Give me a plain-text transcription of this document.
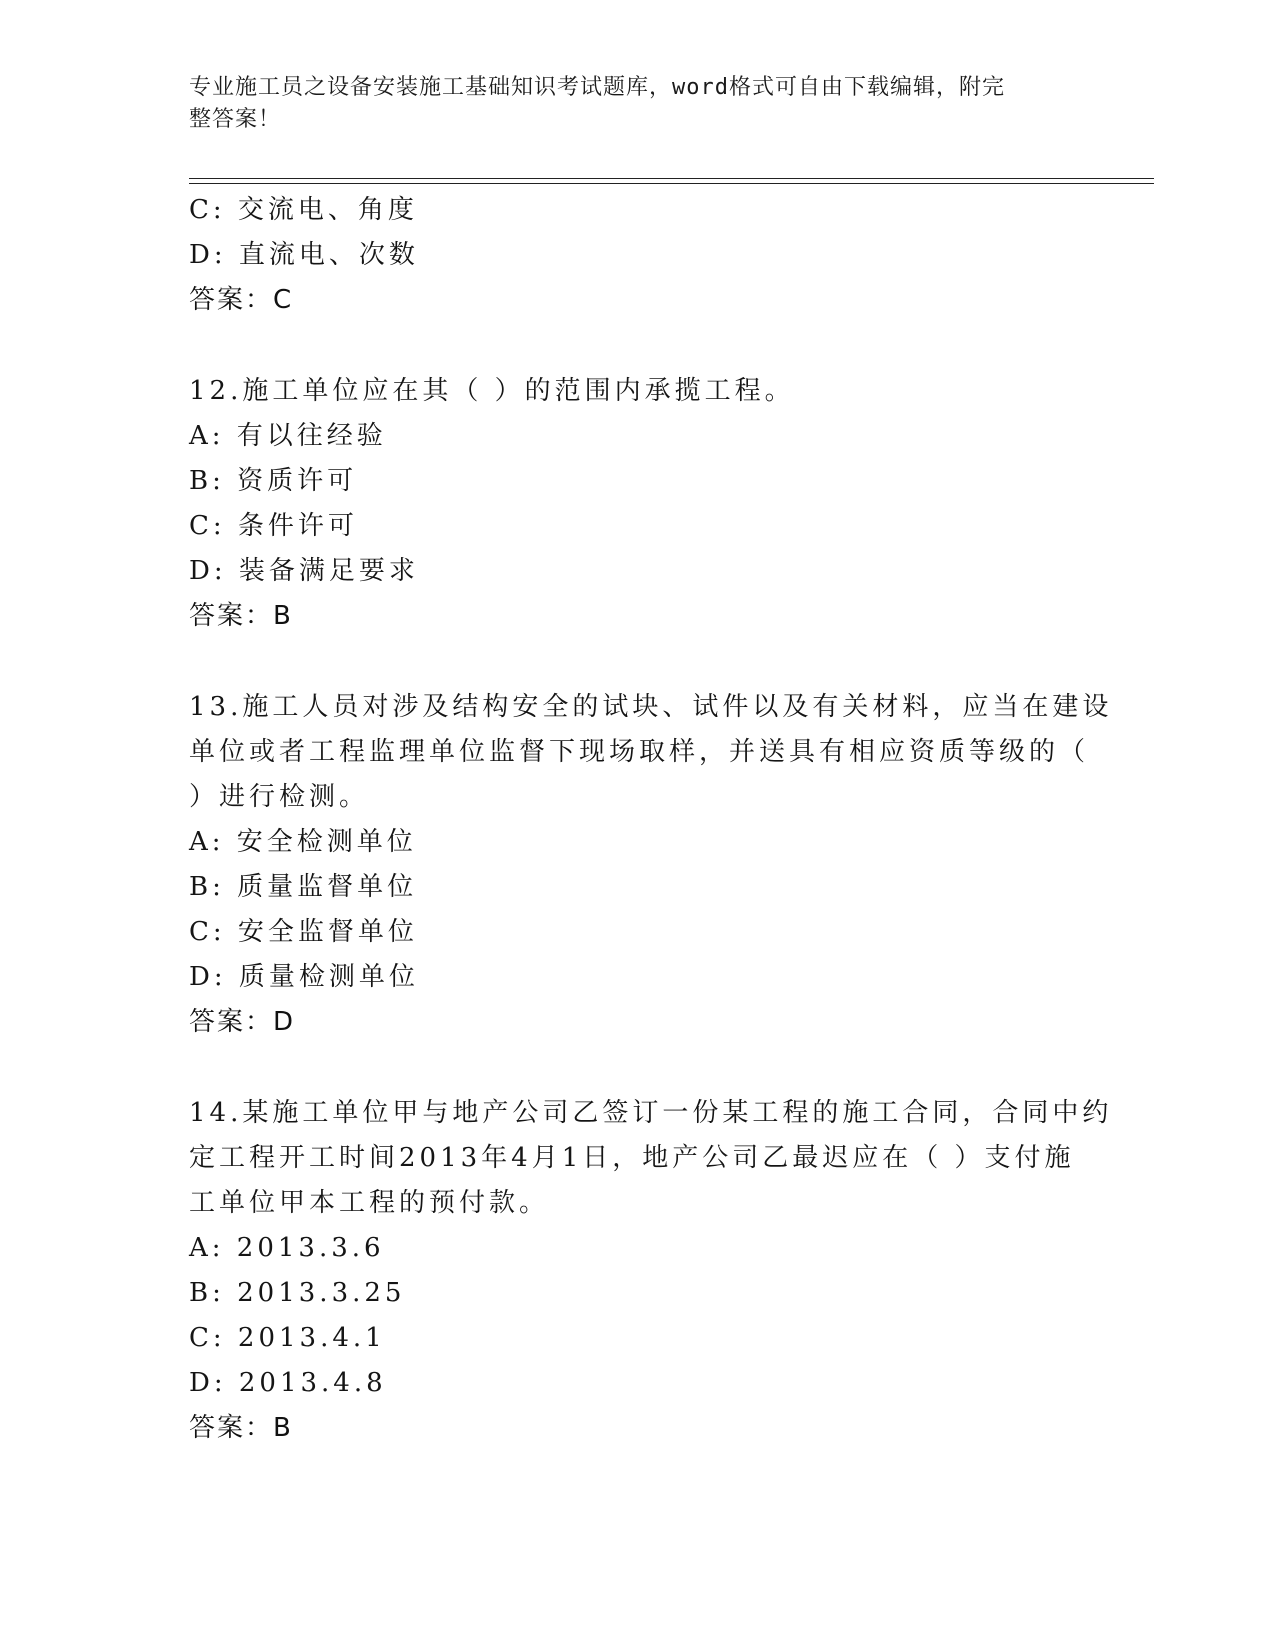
专业施工员之设备安装施工基础知识考试题库，word格式可自由下载编辑，附完
整答案！
C: 交流电、角度
D: 直流电、次数
答案：C
12.施工单位应在其（ ）的范围内承揽工程。
A: 有以往经验
B: 资质许可
C: 条件许可
D: 装备满足要求
答案：B
13.施工人员对涉及结构安全的试块、试件以及有关材料，应当在建设
单位或者工程监理单位监督下现场取样，并送具有相应资质等级的（
）进行检测。
A: 安全检测单位
B: 质量监督单位
C: 安全监督单位
D: 质量检测单位
答案：D
14.某施工单位甲与地产公司乙签订一份某工程的施工合同，合同中约
定工程开工时间2013年4月1日，地产公司乙最迟应在（ ）支付施
工单位甲本工程的预付款。
A: 2013.3.6
B: 2013.3.25
C: 2013.4.1
D: 2013.4.8
答案：B
